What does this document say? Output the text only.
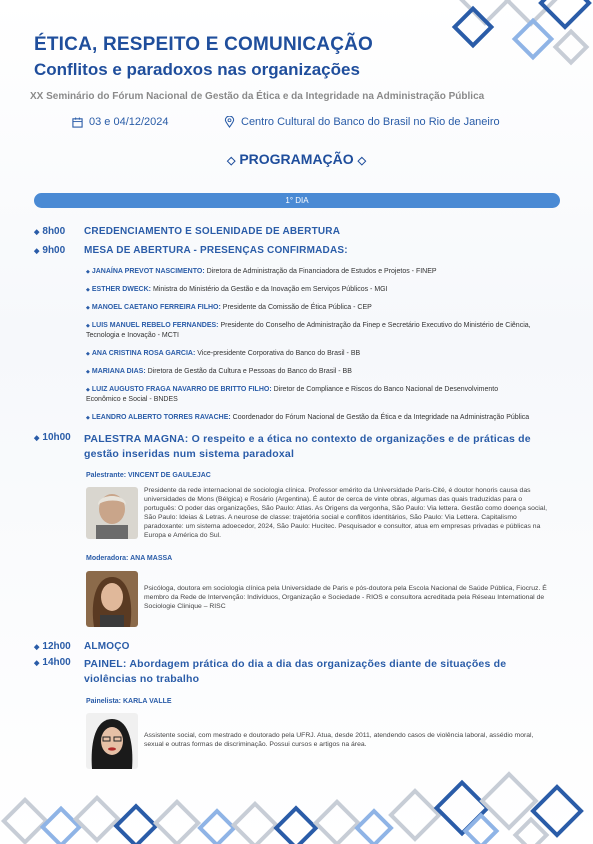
ÉTICA, RESPEITO E COMUNICAÇÃO
Conflitos e paradoxos nas organizações
XX Seminário do Fórum Nacional de Gestão da Ética e da Integridade na Administração Pública
03 e 04/12/2024	Centro Cultural do Banco do Brasil no Rio de Janeiro
◇ PROGRAMAÇÃO ◇
1° DIA
◆ 8h00	CREDENCIAMENTO E SOLENIDADE DE ABERTURA
◆ 9h00	MESA DE ABERTURA - PRESENÇAS CONFIRMADAS:
◆ JANAÍNA PREVOT NASCIMENTO: Diretora de Administração da Financiadora de Estudos e Projetos - FINEP
◆ ESTHER DWECK: Ministra do Ministério da Gestão e da Inovação em Serviços Públicos - MGI
◆ MANOEL CAETANO FERREIRA FILHO: Presidente da Comissão de Ética Pública - CEP
◆ LUIS MANUEL REBELO FERNANDES: Presidente do Conselho de Administração da Finep e Secretário Executivo do Ministério de Ciência, Tecnologia e Inovação - MCTI
◆ ANA CRISTINA ROSA GARCIA: Vice-presidente Corporativa do Banco do Brasil - BB
◆ MARIANA DIAS: Diretora de Gestão da Cultura e Pessoas do Banco do Brasil - BB
◆ LUIZ AUGUSTO FRAGA NAVARRO DE BRITTO FILHO: Diretor de Compliance e Riscos do Banco Nacional de Desenvolvimento Econômico e Social - BNDES
◆ LEANDRO ALBERTO TORRES RAVACHE: Coordenador do Fórum Nacional de Gestão da Ética e da Integridade na Administração Pública
◆ 10h00	PALESTRA MAGNA: O respeito e a ética no contexto de organizações e de práticas de gestão inseridas num sistema paradoxal
Palestrante: VINCENT DE GAULEJAC
Presidente da rede internacional de sociologia clínica. Professor emérito da Universidade Paris-Cité, é doutor honoris causa das universidades de Mons (Bélgica) e Rosário (Argentina). É autor de cerca de vinte obras, algumas das quais traduzidas para o português: O poder das organizações, São Paulo: Atlas. As Origens da vergonha, São Paulo: Via lettera. Gestão como doença social, São Paulo: Ideias & Letras. A neurose de classe: trajetória social e conflitos identitários, São Paulo: Via Lettera. Capitalismo paradoxante: um sistema adoecedor, 2024, São Paulo: Hucitec. Pesquisador e consultor, atua em empresas privadas e públicas na Europa e América do Sul.
Moderadora: ANA MASSA
Psicóloga, doutora em sociologia clínica pela Universidade de Paris e pós-doutora pela Escola Nacional de Saúde Pública, Fiocruz. É membro da Rede de Intervenção: Indivíduos, Organização e Sociedade - RIOS e consultora acreditada pela Réseau International de Sociologie Clinique – RISC
◆ 12h00	ALMOÇO
◆ 14h00	PAINEL: Abordagem prática do dia a dia das organizações diante de situações de violências no trabalho
Painelista: KARLA VALLE
Assistente social, com mestrado e doutorado pela UFRJ. Atua, desde 2011, atendendo casos de violência laboral, assédio moral, sexual e outras formas de discriminação. Possui cursos e artigos na área.
